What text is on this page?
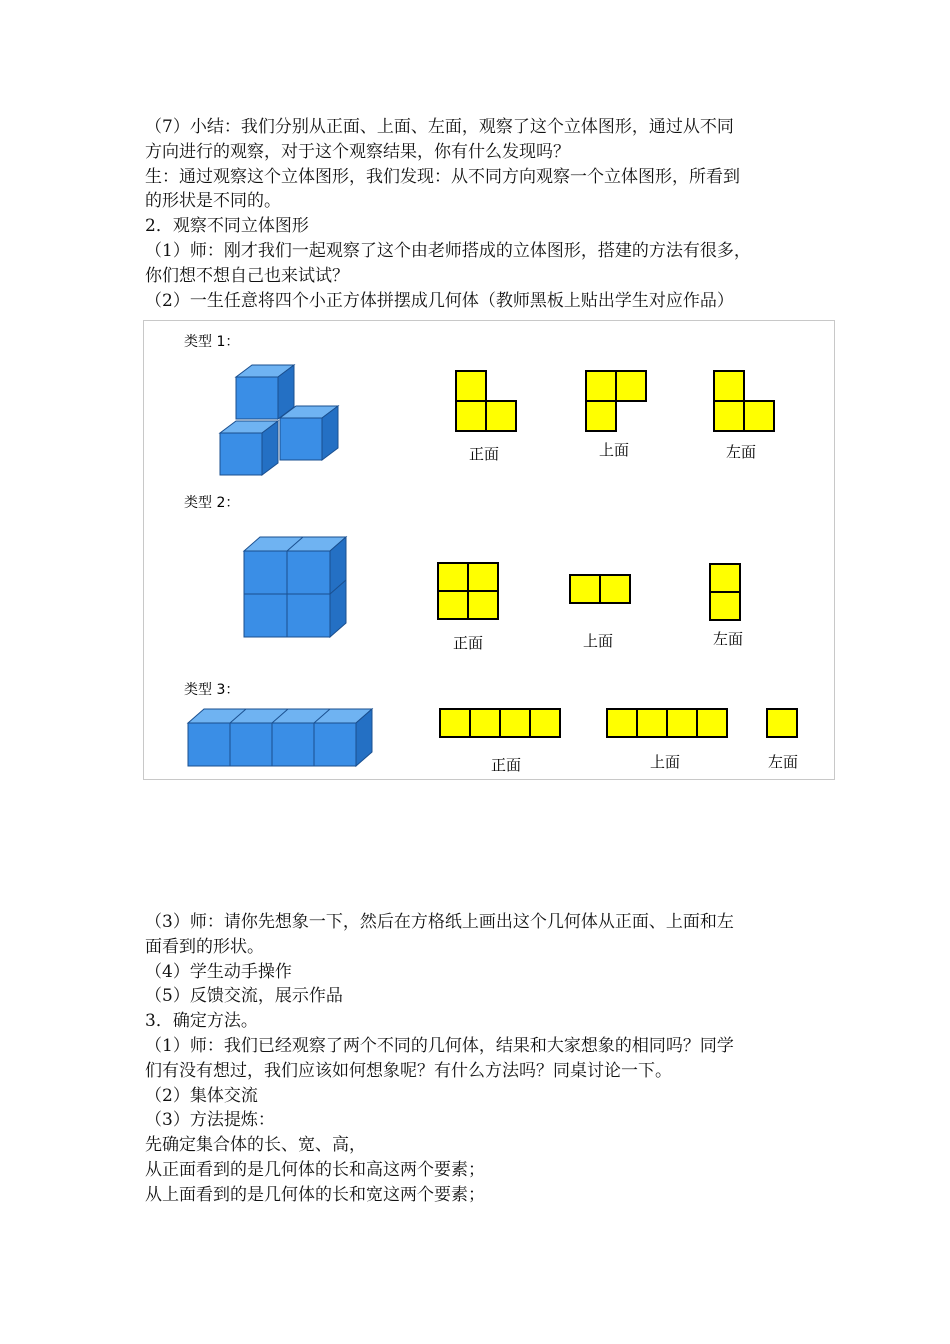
（7）小结：我们分别从正面、上面、左面，观察了这个立体图形，通过从不同

方向进行的观察，对于这个观察结果，你有什么发现吗？

生：通过观察这个立体图形，我们发现：从不同方向观察一个立体图形，所看到

的形状是不同的。

2．观察不同立体图形

（1）师：刚才我们一起观察了这个由老师搭成的立体图形，搭建的方法有很多，

你们想不想自己也来试试？

（2）一生任意将四个小正方体拼摆成几何体（教师黑板上贴出学生对应作品）

类型 1：
类型 2：
类型 3：
正面	上面	左面
正面	上面	左面
正面	上面	左面

（3）师：请你先想象一下，然后在方格纸上画出这个几何体从正面、上面和左

面看到的形状。

（4）学生动手操作

（5）反馈交流，展示作品

3．确定方法。

（1）师：我们已经观察了两个不同的几何体，结果和大家想象的相同吗？同学

们有没有想过，我们应该如何想象呢？有什么方法吗？同桌讨论一下。

（2）集体交流

（3）方法提炼：

先确定集合体的长、宽、高，

从正面看到的是几何体的长和高这两个要素；

从上面看到的是几何体的长和宽这两个要素；
